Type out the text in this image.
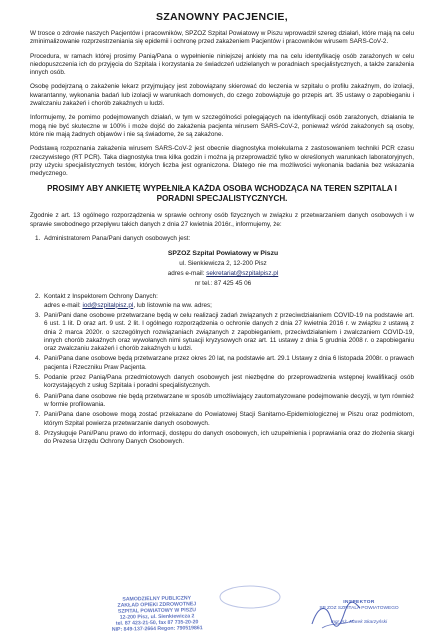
SZANOWNY PACJENCIE,

W trosce o zdrowie naszych Pacjentów i pracowników, SPZOZ Szpital Powiatowy w Piszu wprowadził szereg działań, które mają na celu zminimalizowanie rozprzestrzeniania się epidemii i ochronę przed zakażeniem Pacjentów i pracowników wirusem SARS-CoV-2.

Procedura, w ramach której prosimy Panią/Pana o wypełnienie niniejszej ankiety ma na celu identyfikację osób zarażonych w celu niedopuszczenia ich do przyjęcia do Szpitala i korzystania ze świadczeń udzielanych w poradniach specjalistycznych, a także zarażenia innych osób.

Osobę podejrzaną o zakażenie lekarz przyjmujący jest zobowiązany skierować do leczenia w szpitalu o profilu zakaźnym, do izolacji, kwarantanny, wykonania badań lub izolacji w warunkach domowych, do czego zobowiązuje go przepis art. 35 ustawy o zapobieganiu i zwalczaniu zakażeń i chorób zakaźnych u ludzi.

Informujemy, że pomimo podejmowanych działań, w tym w szczególności polegających na identyfikacji osób zarażonych, działania te mogą nie być skuteczne w 100% i może dojść do zakażenia pacjenta wirusem SARS-CoV-2, ponieważ wśród zakażonych są osoby, które nie mają żadnych objawów i nie są świadome, że są zakażone.

Podstawą rozpoznania zakażenia wirusem SARS-CoV-2 jest obecnie diagnostyka molekularna z zastosowaniem techniki PCR czasu rzeczywistego (RT PCR). Taka diagnostyka trwa kilka godzin i można ją przeprowadzić tylko w określonych warunkach laboratoryjnych, przy użyciu specjalistycznych testów, których liczba jest ograniczona. Dlatego nie ma możliwości wykonania badania bez wskazania medycznego.

PROSIMY ABY ANKIETĘ WYPEŁNIŁA KAŻDA OSOBA WCHODZĄCA NA TEREN SZPITALA I PORADNI SPECJALISTYCZNYCH.

Zgodnie z art. 13 ogólnego rozporządzenia w sprawie ochrony osób fizycznych w związku z przetwarzaniem danych osobowych i w sprawie swobodnego przepływu takich danych z dnia 27 kwietnia 2016r., informujemy, że:

1. Administratorem Pana/Pani danych osobowych jest:
SPZOZ Szpital Powiatowy w Piszu
ul. Sienkiewicza 2, 12-200 Pisz
adres e-mail: sekretariat@szpitalpisz.pl
nr tel.: 87 425 45 06
2. Kontakt z Inspektorem Ochrony Danych:
adres e-mail: iod@szpitalpisz.pl, lub listownie na ww. adres;
3. Pani/Pani dane osobowe przetwarzane będą w celu realizacji zadań związanych z przeciwdziałaniem COVID-19 na podstawie art. 6 ust. 1 lit. D oraz art. 9 ust. 2 lit. I ogólnego rozporządzenia o ochronie danych z dnia 27 kwietnia 2016 r. w związku z ustawą z dnia 2 marca 2020r. o szczególnych rozwiązaniach związanych z zapobieganiem, przeciwdziałaniem i zwalczaniem COVID-19, innych chorób zakaźnych oraz wywołanych nimi sytuacji kryzysowych oraz art. 11 ustawy z dnia 5 grudnia 2008 r. o zapobieganiu oraz zwalczaniu zakażeń i chorób zakaźnych u ludzi.
4. Pani/Pana dane osobowe będą przetwarzane przez okres 20 lat, na podstawie art. 29.1 Ustawy z dnia 6 listopada 2008r. o prawach pacjenta i Rzeczniku Praw Pacjenta.
5. Podanie przez Panią/Pana przedmiotowych danych osobowych jest niezbędne do przeprowadzenia wstępnej kwalifikacji osób korzystających z usług Szpitala i poradni specjalistycznych.
6. Pani/Pana dane osobowe nie będą przetwarzane w sposób umożliwiający zautomatyzowane podejmowanie decyzji, w tym również w formie profilowania.
7. Pani/Pana dane osobowe mogą zostać przekazane do Powiatowej Stacji Sanitarno-Epidemiologicznej w Piszu oraz podmiotom, którym Szpital powierza przetwarzanie danych osobowych.
8. Przysługuje Pani/Panu prawo do informacji, dostępu do danych osobowych, ich uzupełnienia i poprawiania oraz do złożenia skargi do Prezesa Urzędu Ochrony Danych Osobowych.
SAMODZIELNY PUBLICZNY
ZAKŁAD OPIEKI ZDROWOTNEJ
SZPITAL POWIATOWY W PISZU
12-200 Pisz, ul. Sienkiewicza 2
tel. 87 423-21-50, fax 87 735-20-20
NIP: 849-137-2664 Regon: 790519861
INSPEKTOR
SP ZOZ SZPITALA POWIATOWEGO
mgr inż. Marek Skarzyński
